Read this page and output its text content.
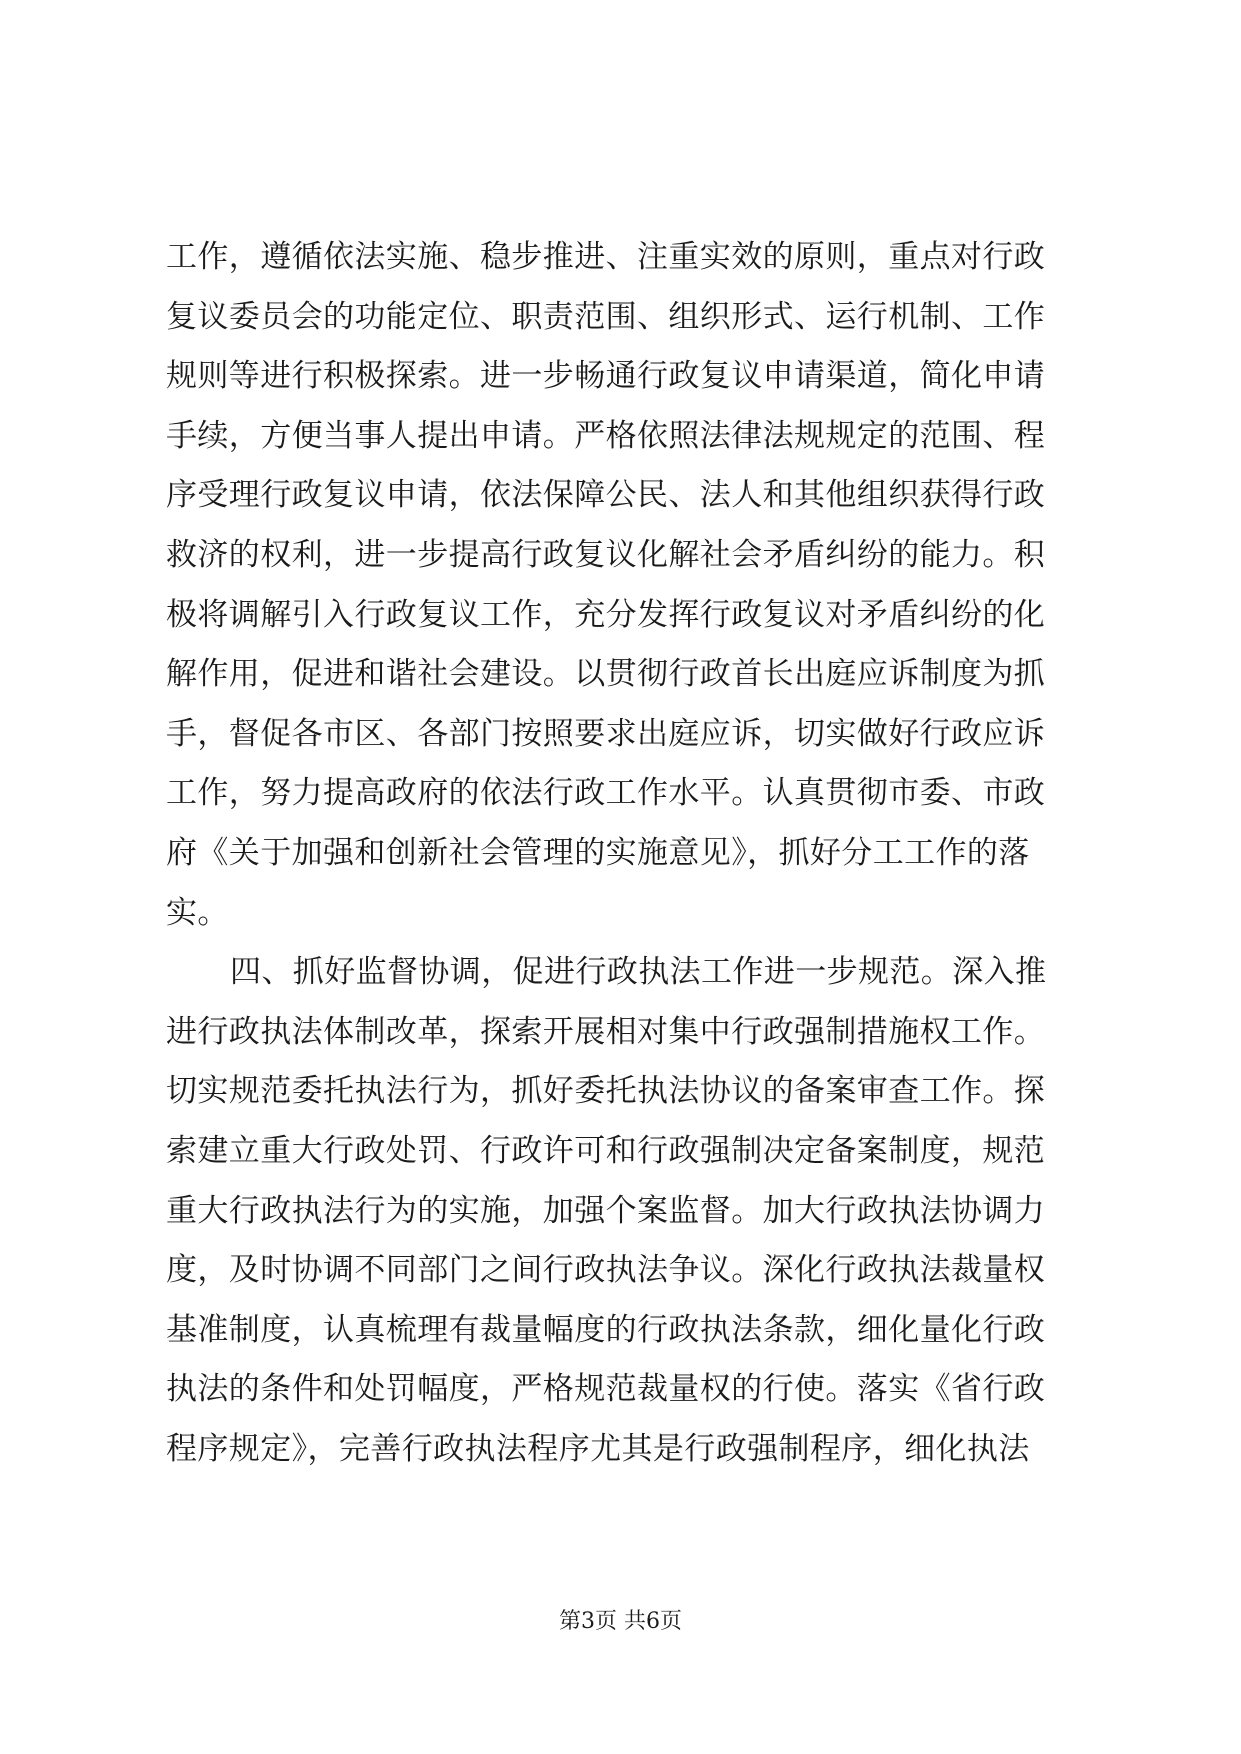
工作，遵循依法实施、稳步推进、注重实效的原则，重点对行政
复议委员会的功能定位、职责范围、组织形式、运行机制、工作
规则等进行积极探索。进一步畅通行政复议申请渠道，简化申请
手续，方便当事人提出申请。严格依照法律法规规定的范围、程
序受理行政复议申请，依法保障公民、法人和其他组织获得行政
救济的权利，进一步提高行政复议化解社会矛盾纠纷的能力。积
极将调解引入行政复议工作，充分发挥行政复议对矛盾纠纷的化
解作用，促进和谐社会建设。以贯彻行政首长出庭应诉制度为抓
手，督促各市区、各部门按照要求出庭应诉，切实做好行政应诉
工作，努力提高政府的依法行政工作水平。认真贯彻市委、市政
府《关于加强和创新社会管理的实施意见》，抓好分工工作的落
实。
四、抓好监督协调，促进行政执法工作进一步规范。深入推
进行政执法体制改革，探索开展相对集中行政强制措施权工作。
切实规范委托执法行为，抓好委托执法协议的备案审查工作。探
索建立重大行政处罚、行政许可和行政强制决定备案制度，规范
重大行政执法行为的实施，加强个案监督。加大行政执法协调力
度，及时协调不同部门之间行政执法争议。深化行政执法裁量权
基准制度，认真梳理有裁量幅度的行政执法条款，细化量化行政
执法的条件和处罚幅度，严格规范裁量权的行使。落实《省行政
程序规定》，完善行政执法程序尤其是行政强制程序，细化执法
第3页 共6页
